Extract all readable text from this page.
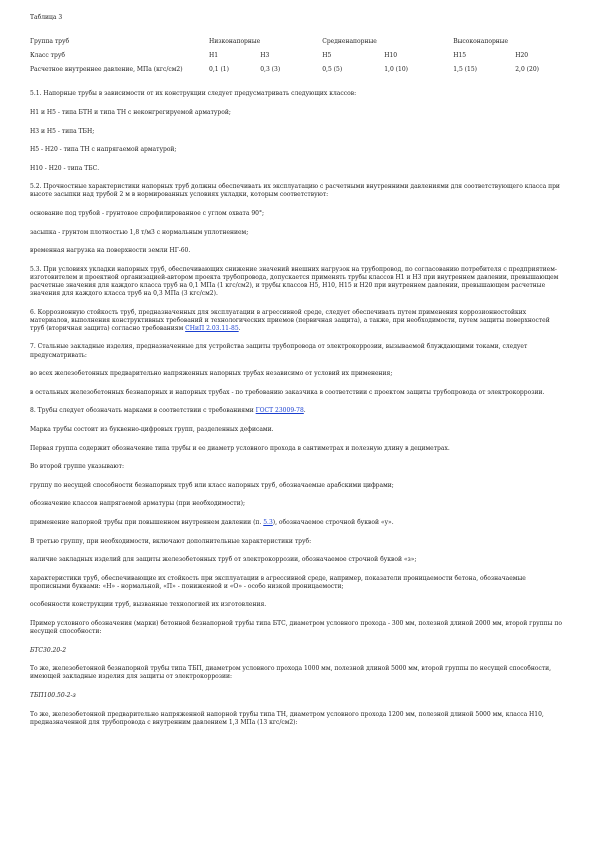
Таблица 3
Группа труб	Низконапорные		Средненапорные		Высоконапорные	
Класс труб	Н1	Н3	Н5	Н10	Н15	Н20
Расчетное внутреннее давление, МПа (кгс/см2)	0,1 (1)	0,3 (3)	0,5 (5)	1,0 (10)	1,5 (15)	2,0 (20)

5.1. Напорные трубы в зависимости от их конструкции следует предусматривать следующих классов:

Н1 и Н5 - типа БТН и типа ТН с неконгрегируемой арматурой;

Н3 и Н5 - типа ТБН;

Н5 - Н20 - типа ТН с напрягаемой арматурой;

Н10 - Н20 - типа ТБС.

5.2. Прочностные характеристики напорных труб должны обеспечивать их эксплуатацию с расчетными внутренними давлениями для соответствующего класса при высоте засыпки над трубой 2 м в нормированных условиях укладки, которым соответствуют:

основание под трубой - грунтовое спрофилированное с углом охвата 90°;

засыпка - грунтом плотностью 1,8 т/м3 с нормальным уплотнением;

временная нагрузка на поверхности земли НГ-60.

5.3. При условиях укладки напорных труб, обеспечивающих снижение значений внешних нагрузок на трубопровод, по согласованию потребителя с предприятием-изготовителем и проектной организацией-автором проекта трубопровода, допускается применять трубы классов Н1 и Н3 при внутреннем давлении, превышающем расчетные значения для каждого класса труб на 0,1 МПа (1 кгс/см2), и трубы классов Н5, Н10, Н15 и Н20 при внутреннем давлении, превышающем расчетные значения для каждого класса труб на 0,3 МПа (3 кгс/см2).

6. Коррозионную стойкость труб, предназначенных для эксплуатации в агрессивной среде, следует обеспечивать путем применения коррозионностойких материалов, выполнения конструктивных требований и технологических приемов (первичная защита), а также, при необходимости, путем защиты поверхностей труб (вторичная защита) согласно требованиям СНиП 2.03.11-85.

7. Стальные закладные изделия, предназначенные для устройства защиты трубопровода от электрокоррозии, вызываемой блуждающими токами, следует предусматривать:

во всех железобетонных предварительно напряженных напорных трубах независимо от условий их применения;

в остальных железобетонных безнапорных и напорных трубах - по требованию заказчика в соответствии с проектом защиты трубопровода от электрокоррозии.

8. Трубы следует обозначать марками в соответствии с требованиями ГОСТ 23009-78.

Марка трубы состоит из буквенно-цифровых групп, разделенных дефисами.

Первая группа содержит обозначение типа трубы и ее диаметр условного прохода в сантиметрах и полезную длину в дециметрах.

Во второй группе указывают:

группу по несущей способности безнапорных труб или класс напорных труб, обозначаемые арабскими цифрами;

обозначение классов напрягаемой арматуры (при необходимости);

применение напорной трубы при повышенном внутреннем давлении (п. 5.3), обозначаемое строчной буквой «у».

В третью группу, при необходимости, включают дополнительные характеристики труб:

наличие закладных изделий для защиты железобетонных труб от электрокоррозии, обозначаемое строчной буквой «з»;

характеристики труб, обеспечивающие их стойкость при эксплуатации в агрессивной среде, например, показатели проницаемости бетона, обозначаемые прописными буквами: «Н» - нормальной, «П» - пониженной и «О» - особо низкой проницаемости;

особенности конструкции труб, вызванные технологией их изготовления.

Пример условного обозначения (марки) бетонной безнапорной трубы типа БТС, диаметром условного прохода - 300 мм, полезной длиной 2000 мм, второй группы по несущей способности:

БТС30.20-2

То же, железобетонной безнапорной трубы типа ТБП, диаметром условного прохода 1000 мм, полезной длиной 5000 мм, второй группы по несущей способности, имеющей закладные изделия для защиты от электрокоррозии:

ТБП100.50-2-з

То же, железобетонной предварительно напряженной напорной трубы типа ТН, диаметром условного прохода 1200 мм, полезной длиной 5000 мм, класса Н10, предназначенной для трубопровода с внутренним давлением 1,3 МПа (13 кгс/см2):
